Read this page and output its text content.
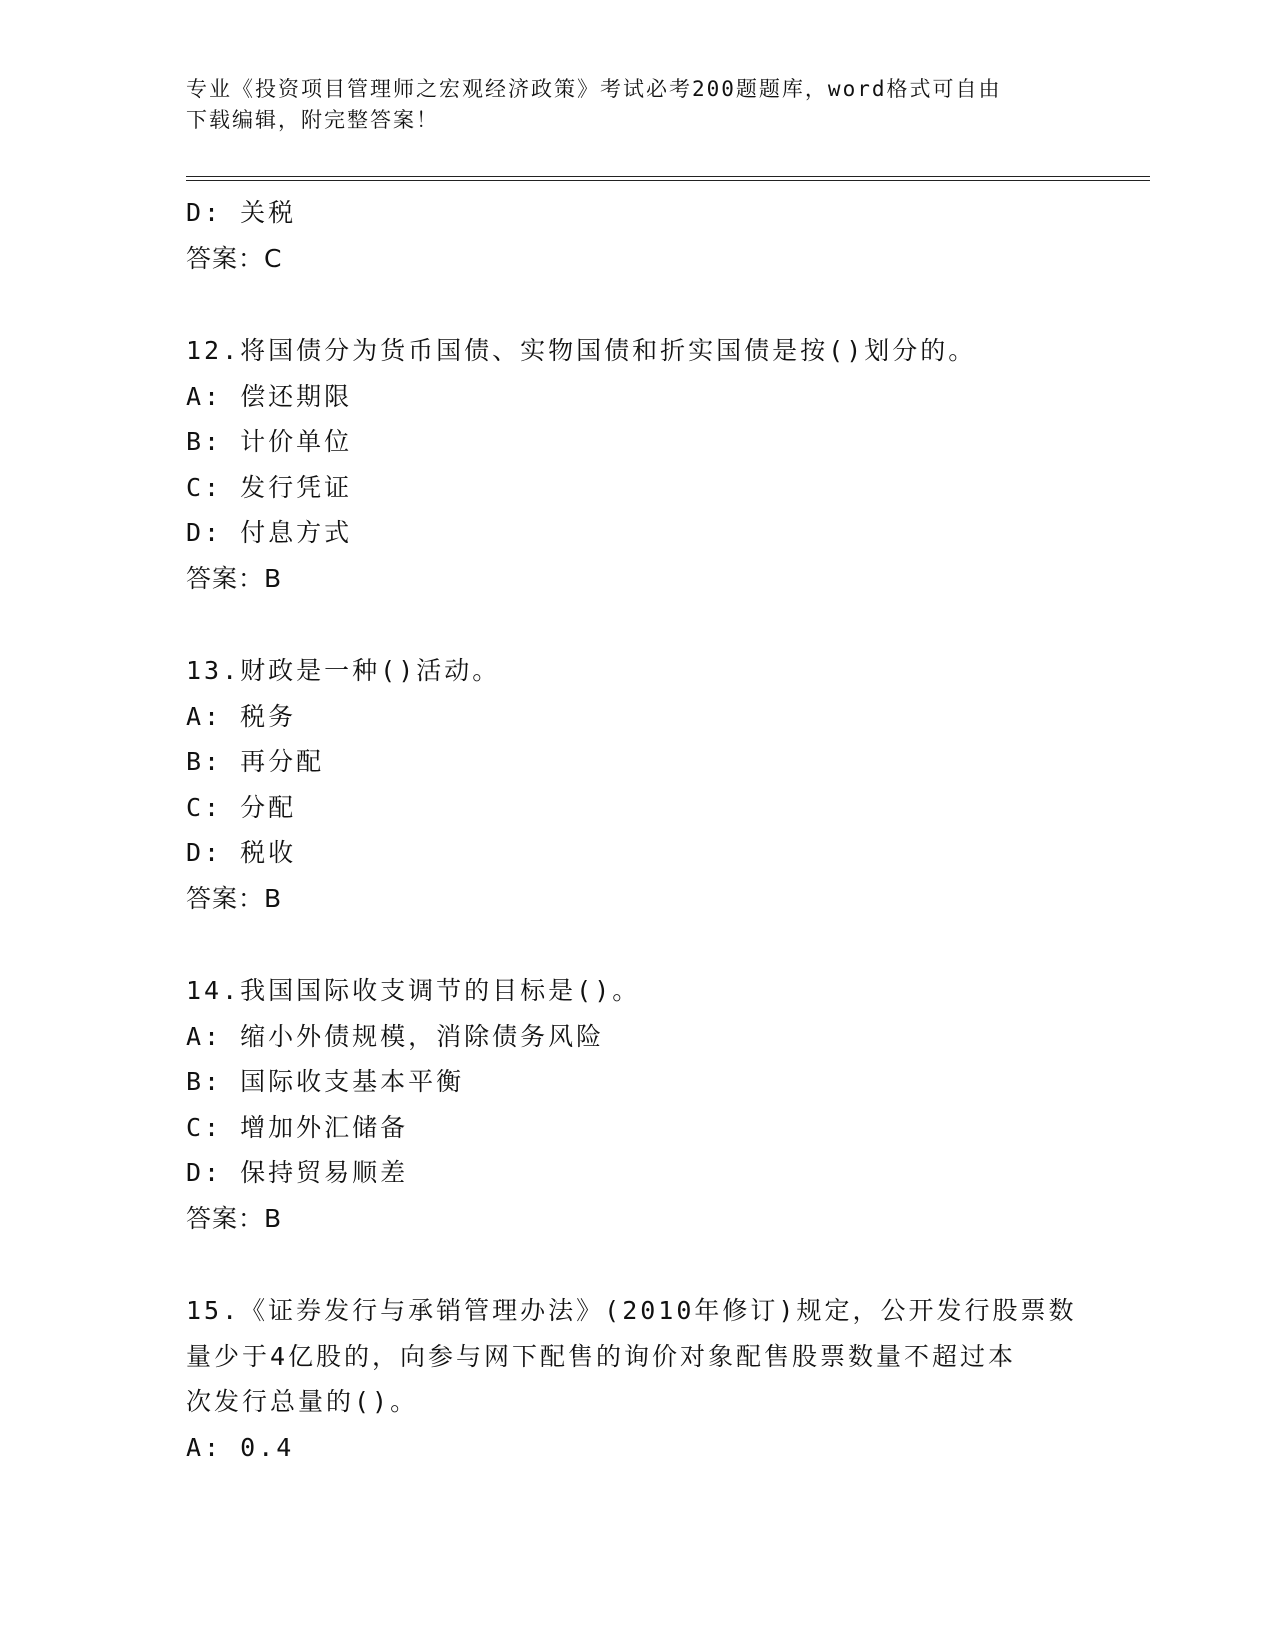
专业《投资项目管理师之宏观经济政策》考试必考200题题库，word格式可自由
下载编辑，附完整答案！
D: 关税
答案：C
12.将国债分为货币国债、实物国债和折实国债是按()划分的。
A: 偿还期限
B: 计价单位
C: 发行凭证
D: 付息方式
答案：B
13.财政是一种()活动。
A: 税务
B: 再分配
C: 分配
D: 税收
答案：B
14.我国国际收支调节的目标是()。
A: 缩小外债规模，消除债务风险
B: 国际收支基本平衡
C: 增加外汇储备
D: 保持贸易顺差
答案：B
15.《证券发行与承销管理办法》(2010年修订)规定，公开发行股票数
量少于4亿股的，向参与网下配售的询价对象配售股票数量不超过本
次发行总量的()。
A: 0.4
